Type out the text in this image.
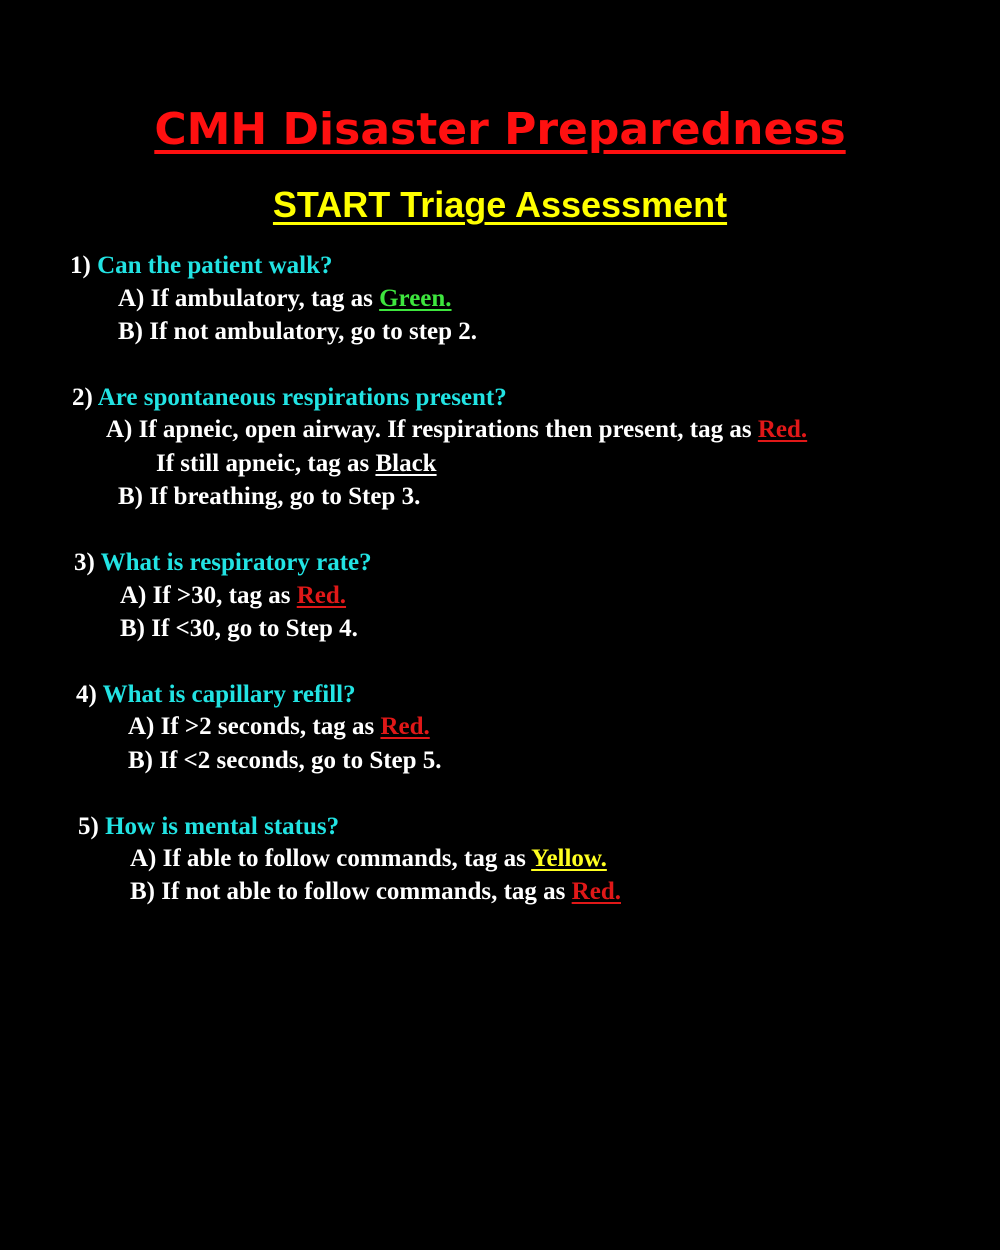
CMH Disaster Preparedness
START Triage Assessment
1) Can the patient walk?
A) If ambulatory, tag as Green.
B) If not ambulatory, go to step 2.
2) Are spontaneous respirations present?
A) If apneic, open airway. If respirations then present, tag as Red.
If still apneic, tag as Black
B) If breathing, go to Step 3.
3) What is respiratory rate?
A) If >30, tag as Red.
B) If <30, go to Step 4.
4) What is capillary refill?
A) If >2 seconds, tag as Red.
B) If <2 seconds, go to Step 5.
5) How is mental status?
A) If able to follow commands, tag as Yellow.
B) If not able to follow commands, tag as Red.
